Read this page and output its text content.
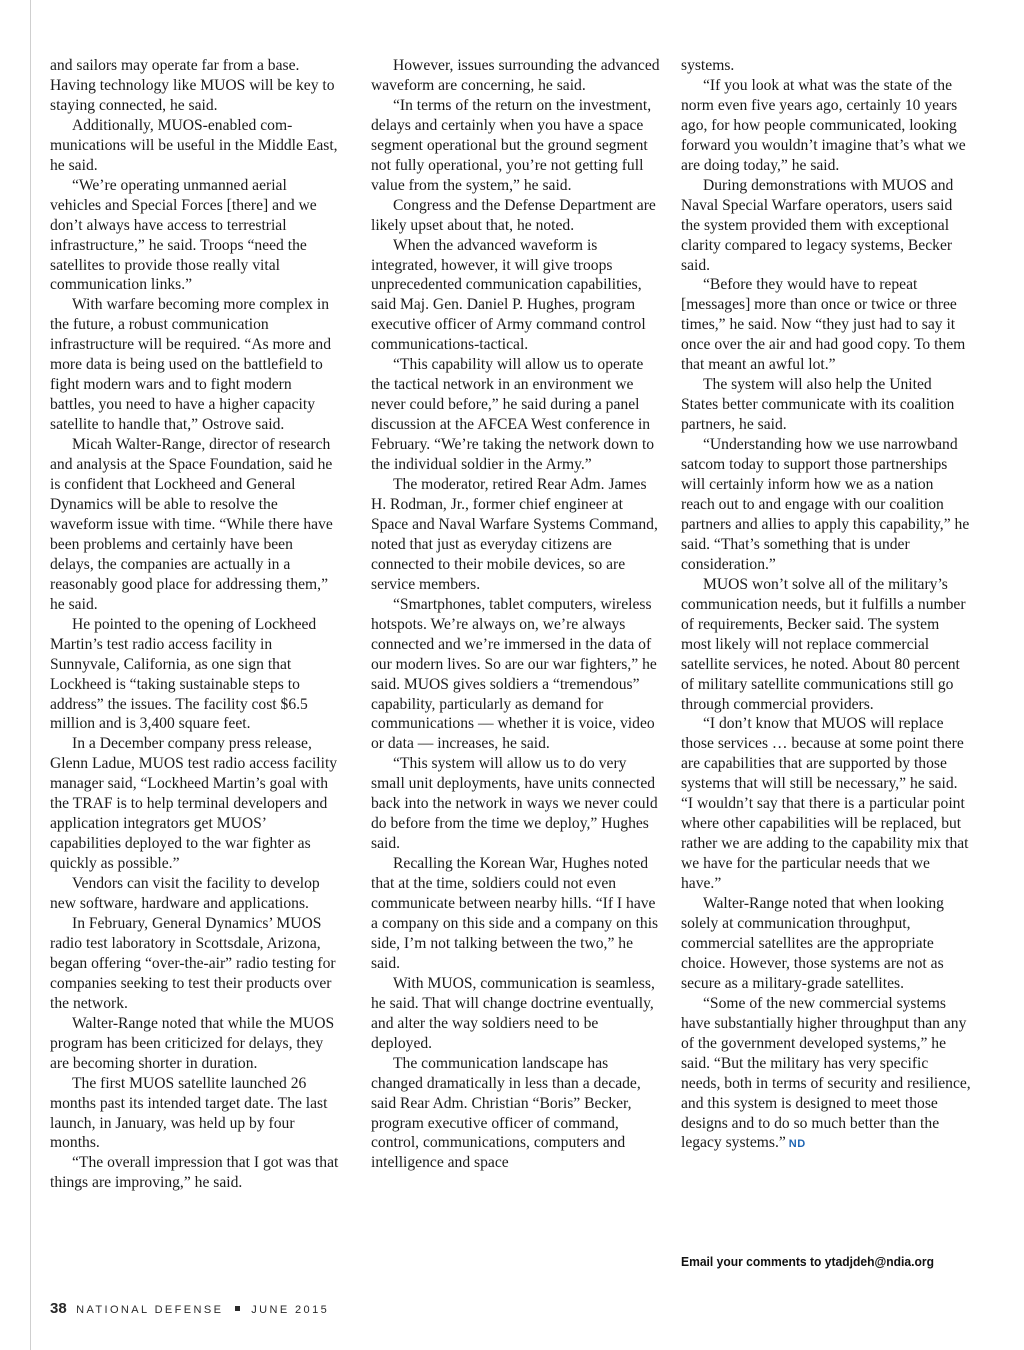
and sailors may operate far from a base. Having technology like MUOS will be key to staying connected, he said.

Additionally, MUOS-enabled communications will be useful in the Middle East, he said.

“We’re operating unmanned aerial vehicles and Special Forces [there] and we don’t always have access to terrestrial infrastructure,” he said. Troops “need the satellites to provide those really vital communication links.”

With warfare becoming more complex in the future, a robust communication infrastructure will be required. “As more and more data is being used on the battlefield to fight modern wars and to fight modern battles, you need to have a higher capacity satellite to handle that,” Ostrove said.

Micah Walter-Range, director of research and analysis at the Space Foundation, said he is confident that Lockheed and General Dynamics will be able to resolve the waveform issue with time. “While there have been problems and certainly have been delays, the companies are actually in a reasonably good place for addressing them,” he said.

He pointed to the opening of Lockheed Martin’s test radio access facility in Sunnyvale, California, as one sign that Lockheed is “taking sustainable steps to address” the issues. The facility cost $6.5 million and is 3,400 square feet.

In a December company press release, Glenn Ladue, MUOS test radio access facility manager said, “Lockheed Martin’s goal with the TRAF is to help terminal developers and application integrators get MUOS’ capabilities deployed to the war fighter as quickly as possible.”

Vendors can visit the facility to develop new software, hardware and applications.

In February, General Dynamics’ MUOS radio test laboratory in Scottsdale, Arizona, began offering “over-the-air” radio testing for companies seeking to test their products over the network.

Walter-Range noted that while the MUOS program has been criticized for delays, they are becoming shorter in duration.

The first MUOS satellite launched 26 months past its intended target date. The last launch, in January, was held up by four months.

“The overall impression that I got was that things are improving,” he said.

However, issues surrounding the advanced waveform are concerning, he said.

“In terms of the return on the investment, delays and certainly when you have a space segment operational but the ground segment not fully operational, you’re not getting full value from the system,” he said.

Congress and the Defense Department are likely upset about that, he noted.

When the advanced waveform is integrated, however, it will give troops unprecedented communication capabilities, said Maj. Gen. Daniel P. Hughes, program executive officer of Army command control communications-tactical.

“This capability will allow us to operate the tactical network in an environment we never could before,” he said during a panel discussion at the AFCEA West conference in February. “We’re taking the network down to the individual soldier in the Army.”

The moderator, retired Rear Adm. James H. Rodman, Jr., former chief engineer at Space and Naval Warfare Systems Command, noted that just as everyday citizens are connected to their mobile devices, so are service members.

“Smartphones, tablet computers, wireless hotspots. We’re always on, we’re always connected and we’re immersed in the data of our modern lives. So are our war fighters,” he said. MUOS gives soldiers a “tremendous” capability, particularly as demand for communications — whether it is voice, video or data — increases, he said.

“This system will allow us to do very small unit deployments, have units connected back into the network in ways we never could do before from the time we deploy,” Hughes said.

Recalling the Korean War, Hughes noted that at the time, soldiers could not even communicate between nearby hills. “If I have a company on this side and a company on this side, I’m not talking between the two,” he said.

With MUOS, communication is seamless, he said. That will change doctrine eventually, and alter the way soldiers need to be deployed.

The communication landscape has changed dramatically in less than a decade, said Rear Adm. Christian “Boris” Becker, program executive officer of command, control, communications, computers and intelligence and space

systems.

“If you look at what was the state of the norm even five years ago, certainly 10 years ago, for how people communicated, looking forward you wouldn’t imagine that’s what we are doing today,” he said.

During demonstrations with MUOS and Naval Special Warfare operators, users said the system provided them with exceptional clarity compared to legacy systems, Becker said.

“Before they would have to repeat [messages] more than once or twice or three times,” he said. Now “they just had to say it once over the air and had good copy. To them that meant an awful lot.”

The system will also help the United States better communicate with its coalition partners, he said.

“Understanding how we use narrowband satcom today to support those partnerships will certainly inform how we as a nation reach out to and engage with our coalition partners and allies to apply this capability,” he said. “That’s something that is under consideration.”

MUOS won’t solve all of the military’s communication needs, but it fulfills a number of requirements, Becker said. The system most likely will not replace commercial satellite services, he noted. About 80 percent of military satellite communications still go through commercial providers.

“I don’t know that MUOS will replace those services … because at some point there are capabilities that are supported by those systems that will still be necessary,” he said. “I wouldn’t say that there is a particular point where other capabilities will be replaced, but rather we are adding to the capability mix that we have for the particular needs that we have.”

Walter-Range noted that when looking solely at communication throughput, commercial satellites are the appropriate choice. However, those systems are not as secure as a military-grade satellites.

“Some of the new commercial systems have substantially higher throughput than any of the government developed systems,” he said. “But the military has very specific needs, both in terms of security and resilience, and this system is designed to meet those designs and to do so much better than the legacy systems.” ND

Email your comments to ytadjdeh@ndia.org
38 NATIONAL DEFENSE	JUNE 2015
